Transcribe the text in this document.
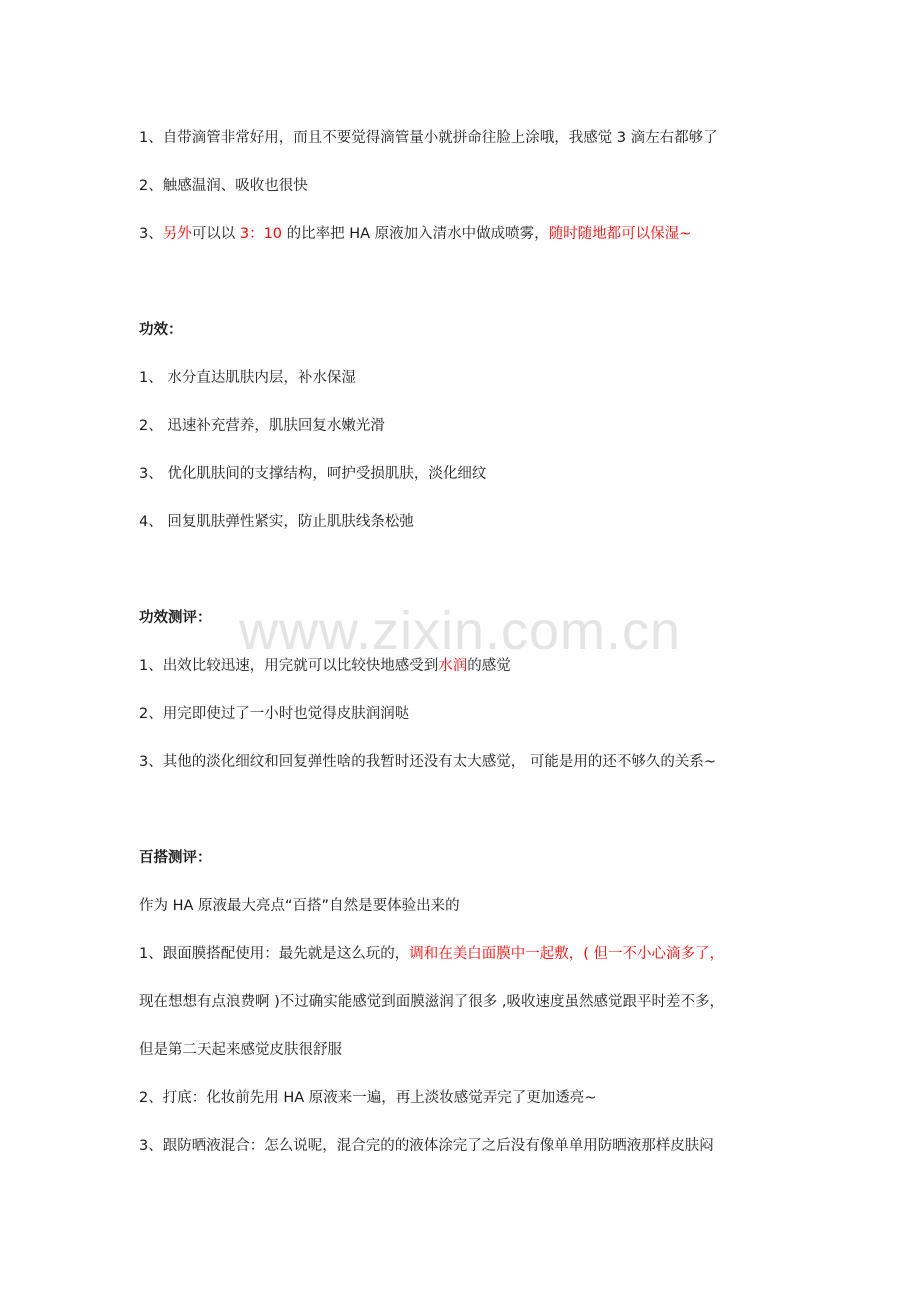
1、自带滴管非常好用，而且不要觉得滴管量小就拼命往脸上涂哦，我感觉 3 滴左右都够了
2、触感温润、吸收也很快
3、另外可以以 3：10 的比率把 HA 原液加入清水中做成喷雾，随时随地都可以保湿~
功效：
1、 水分直达肌肤内层，补水保湿
2、 迅速补充营养，肌肤回复水嫩光滑
3、 优化肌肤间的支撑结构，呵护受损肌肤，淡化细纹
4、 回复肌肤弹性紧实，防止肌肤线条松弛
功效测评：
1、出效比较迅速，用完就可以比较快地感受到水润的感觉
2、用完即使过了一小时也觉得皮肤润润哒
3、其他的淡化细纹和回复弹性啥的我暂时还没有太大感觉， 可能是用的还不够久的关系~
百搭测评：
作为 HA 原液最大亮点“百搭”自然是要体验出来的
1、跟面膜搭配使用：最先就是这么玩的，调和在美白面膜中一起敷，( 但一不小心滴多了，
现在想想有点浪费啊 )不过确实能感觉到面膜滋润了很多 ,吸收速度虽然感觉跟平时差不多，
但是第二天起来感觉皮肤很舒服
2、打底：化妆前先用 HA 原液来一遍，再上淡妆感觉弄完了更加透亮~
3、跟防晒液混合：怎么说呢，混合完的的液体涂完了之后没有像单单用防晒液那样皮肤闷
www.zixin.com.cn
